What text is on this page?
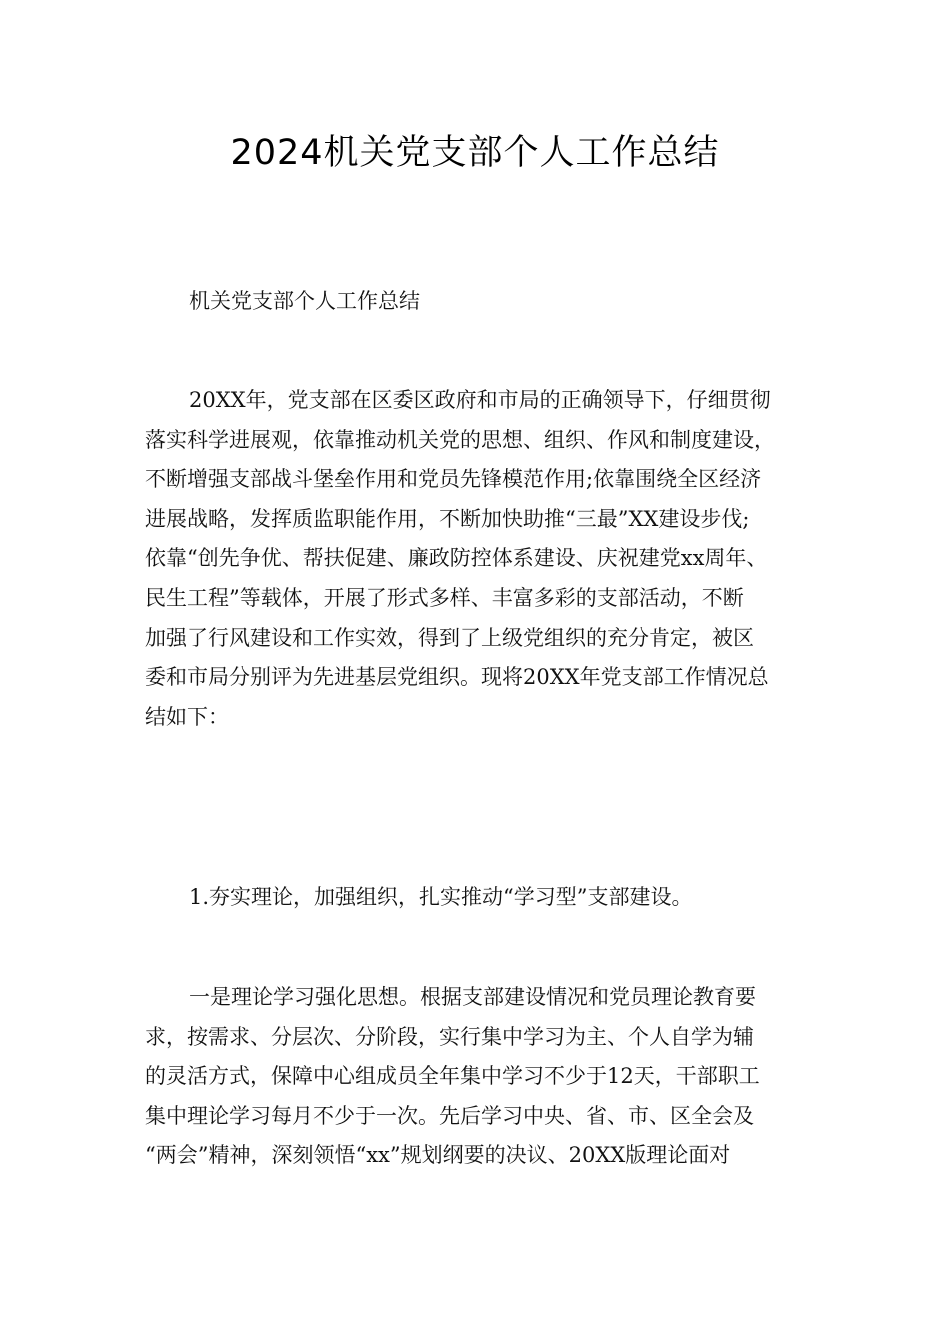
2024机关党支部个人工作总结

机关党支部个人工作总结

20XX年，党支部在区委区政府和市局的正确领导下，仔细贯彻
落实科学进展观，依靠推动机关党的思想、组织、作风和制度建设，
不断增强支部战斗堡垒作用和党员先锋模范作用;依靠围绕全区经济
进展战略，发挥质监职能作用，不断加快助推“三最”XX建设步伐;
依靠“创先争优、帮扶促建、廉政防控体系建设、庆祝建党xx周年、
民生工程”等载体，开展了形式多样、丰富多彩的支部活动，不断
加强了行风建设和工作实效，得到了上级党组织的充分肯定，被区
委和市局分别评为先进基层党组织。现将20XX年党支部工作情况总
结如下：

1.夯实理论，加强组织，扎实推动“学习型”支部建设。

一是理论学习强化思想。根据支部建设情况和党员理论教育要
求，按需求、分层次、分阶段，实行集中学习为主、个人自学为辅
的灵活方式，保障中心组成员全年集中学习不少于12天，干部职工
集中理论学习每月不少于一次。先后学习中央、省、市、区全会及
“两会”精神，深刻领悟“xx”规划纲要的决议、20XX版理论面对
